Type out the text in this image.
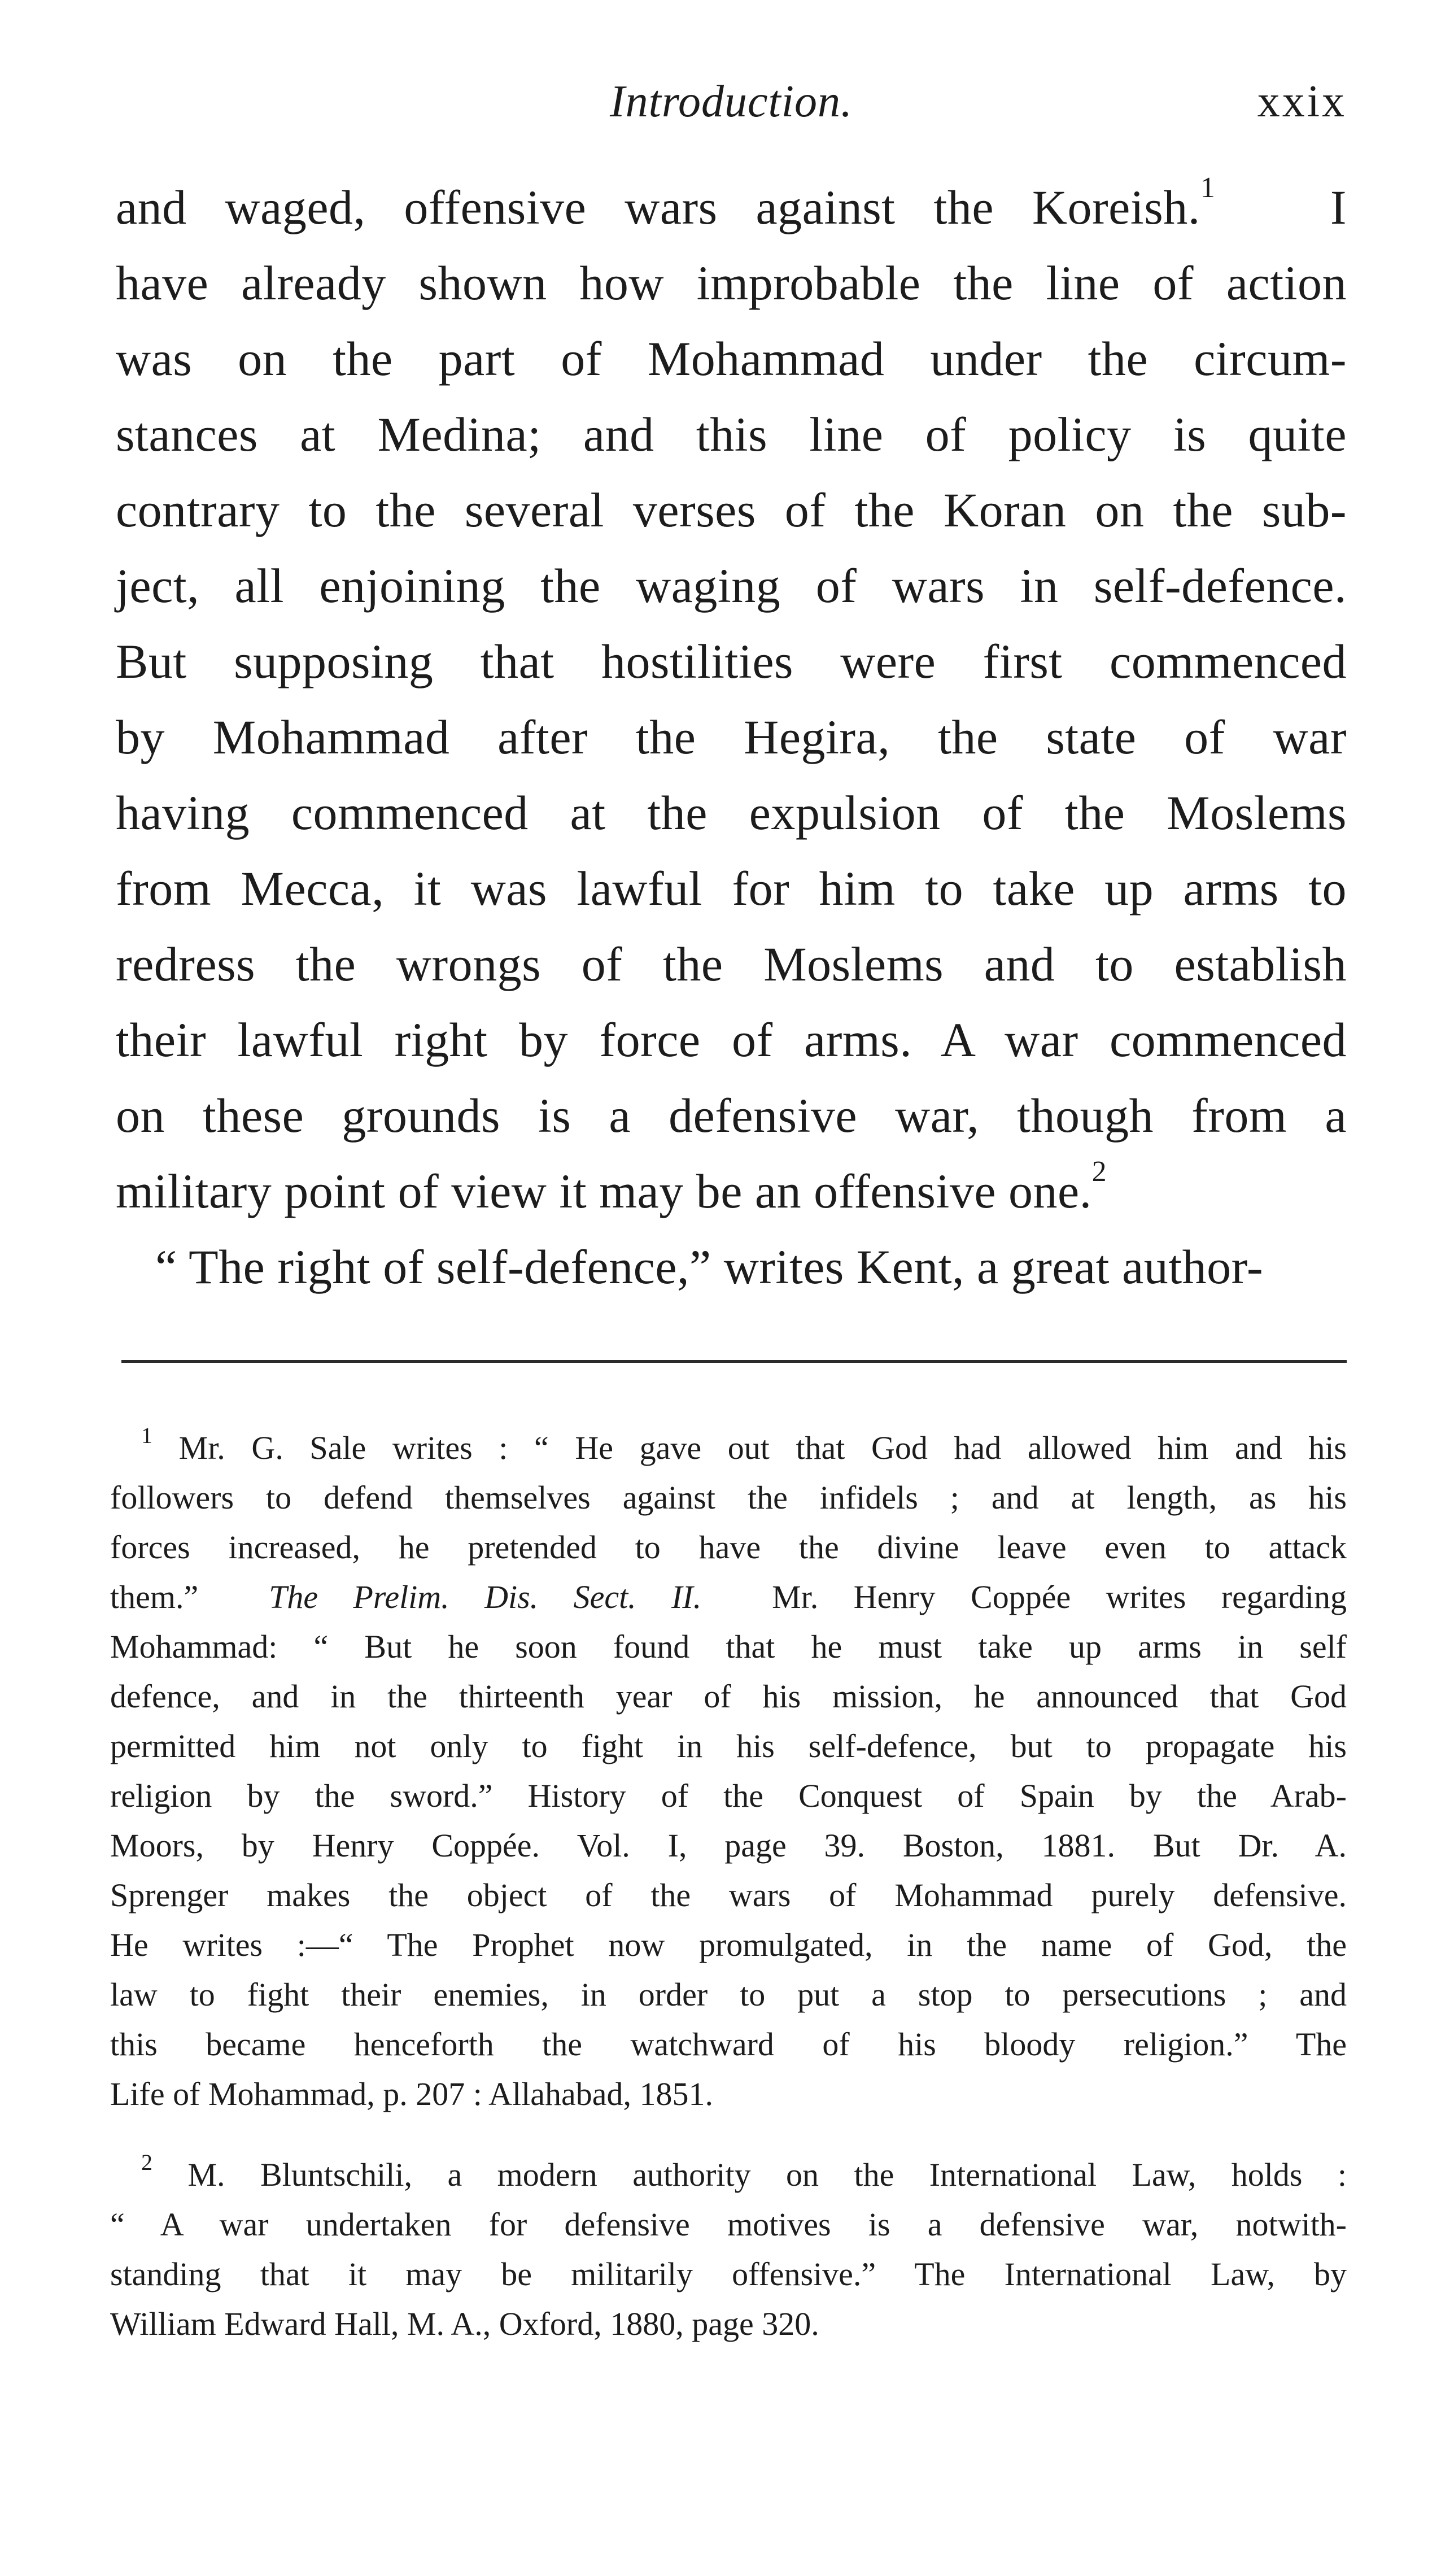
Introduction.	xxix
and waged, offensive wars against the Koreish.$^1$ I
have already shown how improbable the line of action
was on the part of Mohammad under the circum-
stances at Medina; and this line of policy is quite
contrary to the several verses of the Koran on the sub-
ject, all enjoining the waging of wars in self-defence.
But supposing that hostilities were first commenced
by Mohammad after the Hegira, the state of war
having commenced at the expulsion of the Moslems
from Mecca, it was lawful for him to take up arms to
redress the wrongs of the Moslems and to establish
their lawful right by force of arms. A war commenced
on these grounds is a defensive war, though from a
military point of view it may be an offensive one.$^2$
“ The right of self-defence,” writes Kent, a great author-
$^1$ Mr. G. Sale writes : “ He gave out that God had allowed him and his
followers to defend themselves against the infidels ; and at length, as his
forces increased, he pretended to have the divine leave even to attack
them.” The Prelim. Dis. Sect. II. Mr. Henry Coppée writes regarding
Mohammad: “ But he soon found that he must take up arms in self
defence, and in the thirteenth year of his mission, he announced that God
permitted him not only to fight in his self-defence, but to propagate his
religion by the sword.” History of the Conquest of Spain by the Arab-
Moors, by Henry Coppée. Vol. I, page 39. Boston, 1881. But Dr. A.
Sprenger makes the object of the wars of Mohammad purely defensive.
He writes :—“ The Prophet now promulgated, in the name of God, the
law to fight their enemies, in order to put a stop to persecutions ; and
this became henceforth the watchward of his bloody religion.” The
Life of Mohammad, p. 207 : Allahabad, 1851.
$^2$ M. Bluntschili, a modern authority on the International Law, holds :
“ A war undertaken for defensive motives is a defensive war, notwith-
standing that it may be militarily offensive.” The International Law, by
William Edward Hall, M. A., Oxford, 1880, page 320.
